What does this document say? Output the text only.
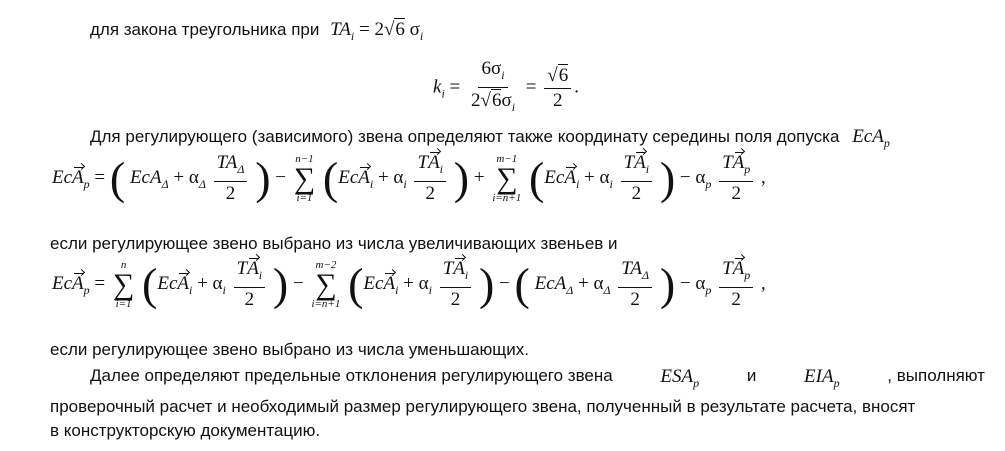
для закона треугольника при $TA_i = 2√6$ $\sigma_i$
$k_i = \frac{6\sigma_i}{2√6\sigma_i} = \frac{√6}{2}$ .
Для регулирующего (зависимого) звена определяют также координату середины поля допуска EcA$_p$
EcA$_p$ = ( $EcA_\Delta + \alpha_\Delta \frac{TA_\Delta}{2}$ ) −
n−1
∑
i=1 ($EcA_i + \alpha_i \frac{TA_i}{2}$ ) +
m−1
∑
i=n+1 ($EcA_i + \alpha_i \frac{TA_i}{2}$ ) − $\alpha_p \frac{TA_p}{2}$ ,
если регулирующее звено выбрано из числа увеличивающих звеньев и
EcA$_p$ =
n
∑
i=1 ($EcA_i + \alpha_i \frac{TA_i}{2}$ ) −
m−2
∑
i=n+1 ($EcA_i + \alpha_i \frac{TA_i}{2}$ ) − ( $EcA_\Delta + \alpha_\Delta \frac{TA_\Delta}{2}$ ) − $\alpha_p \frac{TA_p}{2}$ ,
если регулирующее звено выбрано из числа уменьшающих.
Далее определяют предельные отклонения регулирующего звена	$ESA_p$	и	$EIA_p$	, выполняют
проверочный расчет и необходимый размер регулирующего звена, полученный в результате расчета, вносят
в конструкторскую документацию.
